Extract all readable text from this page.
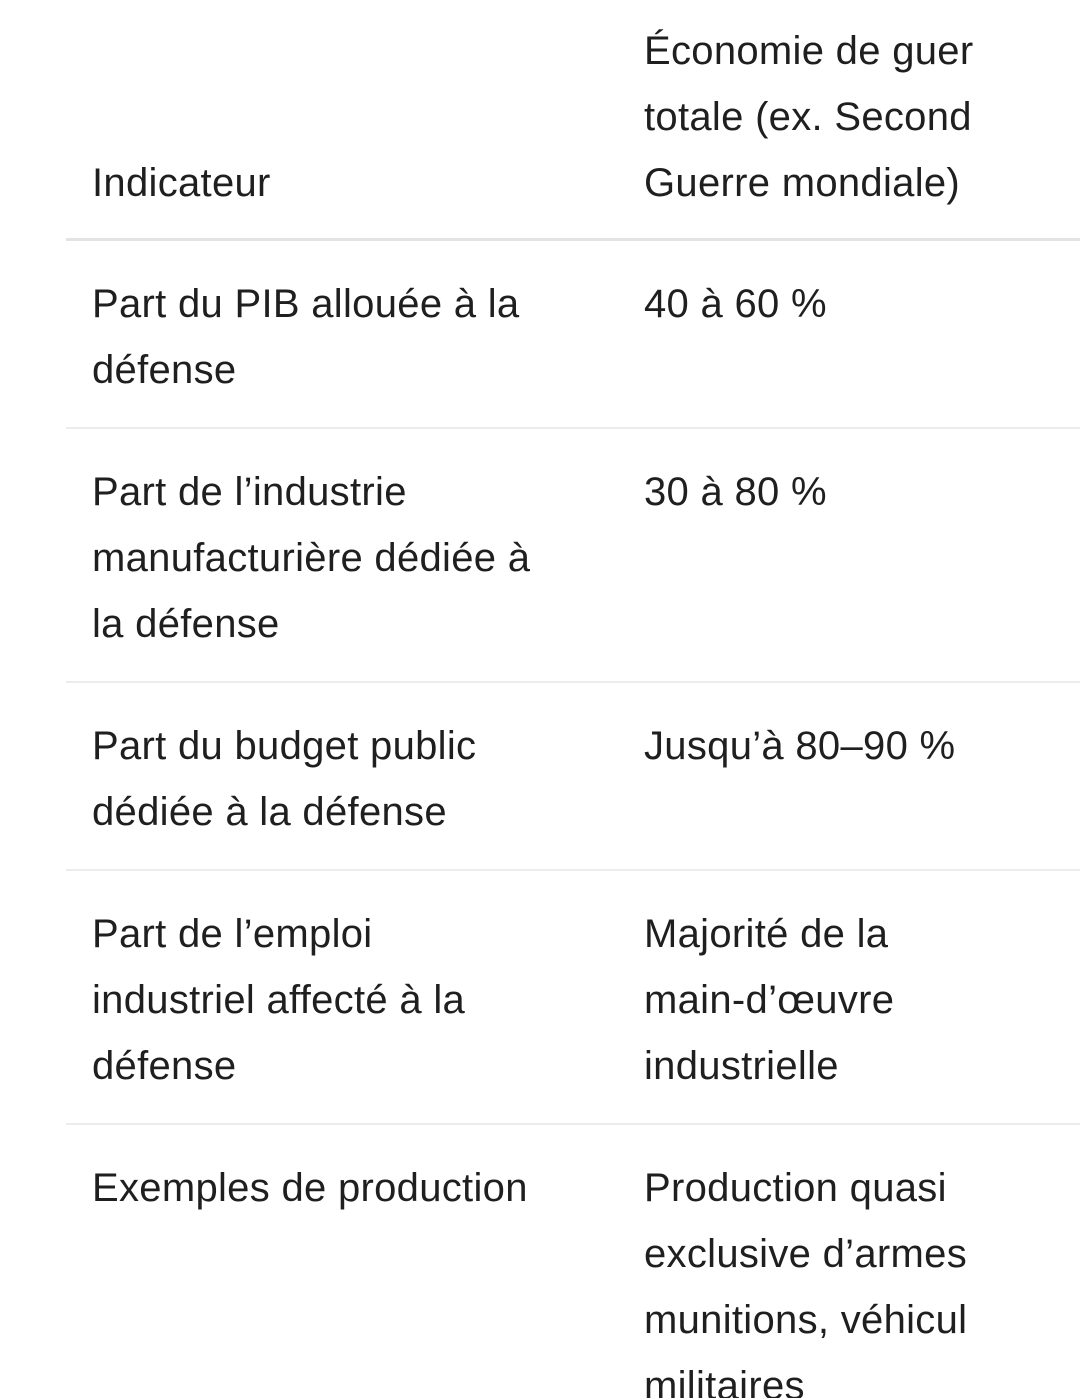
Indicateur	Économie de guer
totale (ex. Second
Guerre mondiale)

Part du PIB allouée à la
défense	40 à 60 %

Part de l’industrie
manufacturière dédiée à
la défense	30 à 80 %

Part du budget public
dédiée à la défense	Jusqu’à 80–90 %

Part de l’emploi
industriel affecté à la
défense	Majorité de la
main-d’œuvre
industrielle

Exemples de production	Production quasi
exclusive d’armes
munitions, véhicul
militaires
